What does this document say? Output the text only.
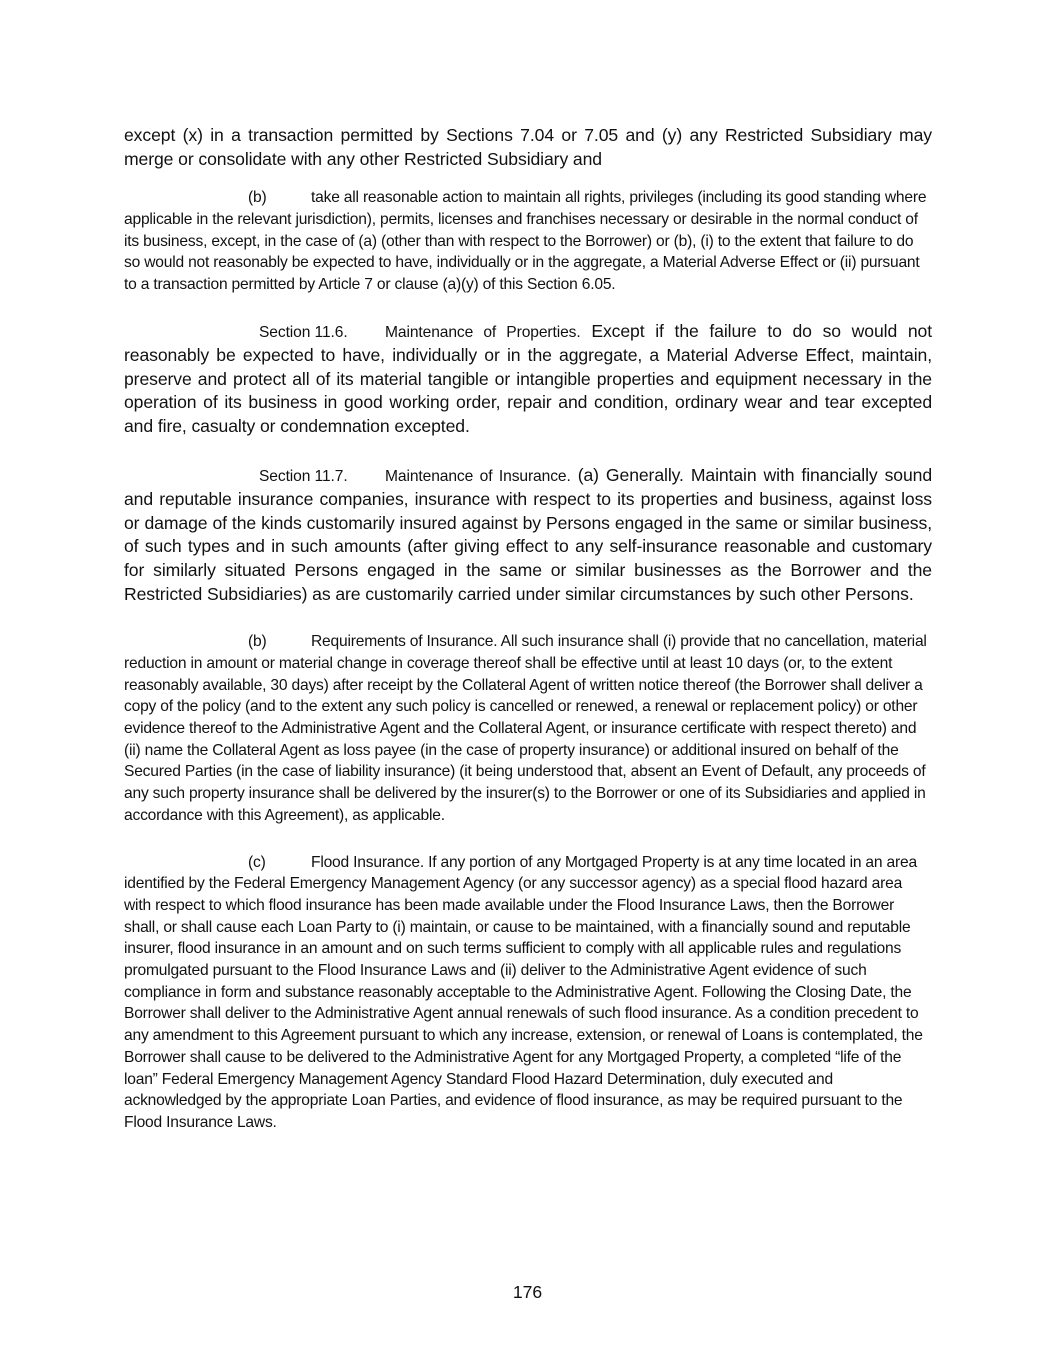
except (x) in a transaction permitted by Sections 7.04 or 7.05 and (y) any Restricted Subsidiary may merge or consolidate with any other Restricted Subsidiary and

(b)	take all reasonable action to maintain all rights, privileges (including its good standing where applicable in the relevant jurisdiction), permits, licenses and franchises necessary or desirable in the normal conduct of its business, except, in the case of (a) (other than with respect to the Borrower) or (b), (i) to the extent that failure to do so would not reasonably be expected to have, individually or in the aggregate, a Material Adverse Effect or (ii) pursuant to a transaction permitted by Article 7 or clause (a)(y) of this Section 6.05.

Section 11.6. Maintenance of Properties. Except if the failure to do so would not reasonably be expected to have, individually or in the aggregate, a Material Adverse Effect, maintain, preserve and protect all of its material tangible or intangible properties and equipment necessary in the operation of its business in good working order, repair and condition, ordinary wear and tear excepted and fire, casualty or condemnation excepted.

Section 11.7. Maintenance of Insurance. (a) Generally. Maintain with financially sound and reputable insurance companies, insurance with respect to its properties and business, against loss or damage of the kinds customarily insured against by Persons engaged in the same or similar business, of such types and in such amounts (after giving effect to any self-insurance reasonable and customary for similarly situated Persons engaged in the same or similar businesses as the Borrower and the Restricted Subsidiaries) as are customarily carried under similar circumstances by such other Persons.

(b)	Requirements of Insurance. All such insurance shall (i) provide that no cancellation, material reduction in amount or material change in coverage thereof shall be effective until at least 10 days (or, to the extent reasonably available, 30 days) after receipt by the Collateral Agent of written notice thereof (the Borrower shall deliver a copy of the policy (and to the extent any such policy is cancelled or renewed, a renewal or replacement policy) or other evidence thereof to the Administrative Agent and the Collateral Agent, or insurance certificate with respect thereto) and (ii) name the Collateral Agent as loss payee (in the case of property insurance) or additional insured on behalf of the Secured Parties (in the case of liability insurance) (it being understood that, absent an Event of Default, any proceeds of any such property insurance shall be delivered by the insurer(s) to the Borrower or one of its Subsidiaries and applied in accordance with this Agreement), as applicable.

(c)	Flood Insurance. If any portion of any Mortgaged Property is at any time located in an area identified by the Federal Emergency Management Agency (or any successor agency) as a special flood hazard area with respect to which flood insurance has been made available under the Flood Insurance Laws, then the Borrower shall, or shall cause each Loan Party to (i) maintain, or cause to be maintained, with a financially sound and reputable insurer, flood insurance in an amount and on such terms sufficient to comply with all applicable rules and regulations promulgated pursuant to the Flood Insurance Laws and (ii) deliver to the Administrative Agent evidence of such compliance in form and substance reasonably acceptable to the Administrative Agent. Following the Closing Date, the Borrower shall deliver to the Administrative Agent annual renewals of such flood insurance. As a condition precedent to any amendment to this Agreement pursuant to which any increase, extension, or renewal of Loans is contemplated, the Borrower shall cause to be delivered to the Administrative Agent for any Mortgaged Property, a completed “life of the loan” Federal Emergency Management Agency Standard Flood Hazard Determination, duly executed and acknowledged by the appropriate Loan Parties, and evidence of flood insurance, as may be required pursuant to the Flood Insurance Laws.

176
